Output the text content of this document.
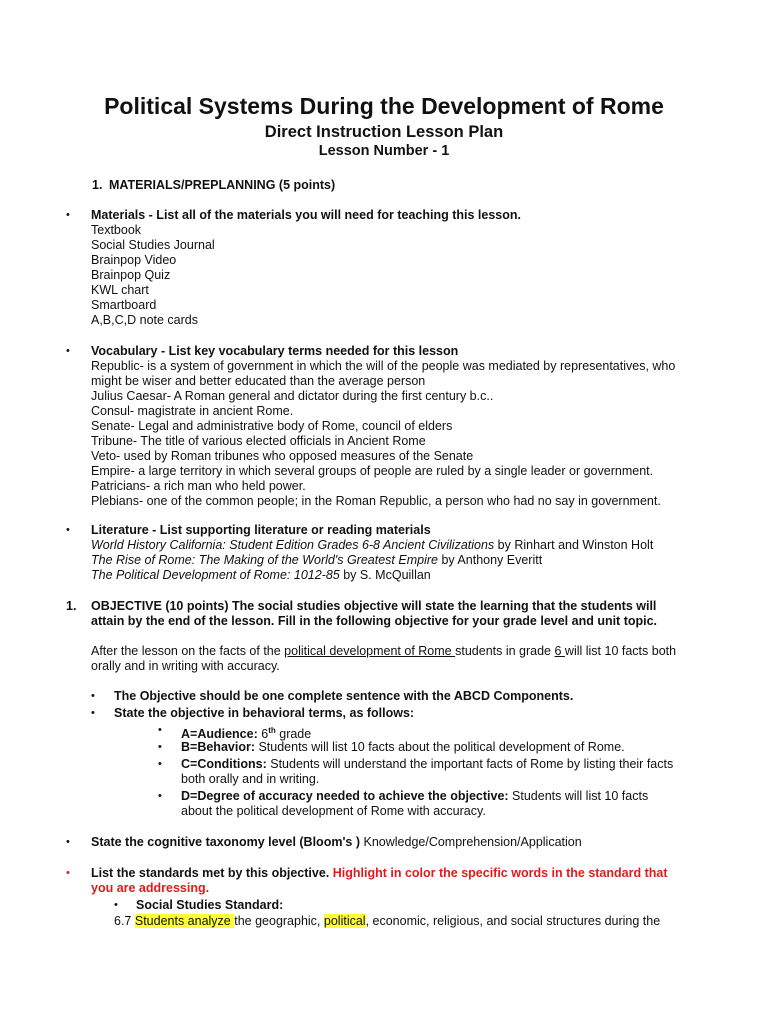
Political Systems During the Development of Rome
Direct Instruction Lesson Plan
Lesson Number - 1
1. MATERIALS/PREPLANNING (5 points)
•
Materials - List all of the materials you will need for teaching this lesson.
Textbook
Social Studies Journal
Brainpop Video
Brainpop Quiz
KWL chart
Smartboard
A,B,C,D note cards
•
Vocabulary - List key vocabulary terms needed for this lesson
Republic- is a system of government in which the will of the people was mediated by representatives, who
might be wiser and better educated than the average person
Julius Caesar- A Roman general and dictator during the first century b.c..
Consul- magistrate in ancient Rome.
Senate- Legal and administrative body of Rome, council of elders
Tribune- The title of various elected officials in Ancient Rome
Veto- used by Roman tribunes who opposed measures of the Senate
Empire- a large territory in which several groups of people are ruled by a single leader or government.
Patricians- a rich man who held power.
Plebians- one of the common people; in the Roman Republic, a person who had no say in government.
•
Literature - List supporting literature or reading materials
World History California: Student Edition Grades 6-8 Ancient Civilizations by Rinhart and Winston Holt
The Rise of Rome: The Making of the World's Greatest Empire by Anthony Everitt
The Political Development of Rome: 1012-85 by S. McQuillan
1. OBJECTIVE (10 points) The social studies objective will state the learning that the students will
attain by the end of the lesson. Fill in the following objective for your grade level and unit topic.
After the lesson on the facts of the political development of Rome students in grade 6 will list 10 facts both
orally and in writing with accuracy.
•
The Objective should be one complete sentence with the ABCD Components.
•
State the objective in behavioral terms, as follows:
•
A=Audience: 6th grade
•
B=Behavior: Students will list 10 facts about the political development of Rome.
•
C=Conditions: Students will understand the important facts of Rome by listing their facts
both orally and in writing.
•
D=Degree of accuracy needed to achieve the objective: Students will list 10 facts
about the political development of Rome with accuracy.
•
State the cognitive taxonomy level (Bloom's ) Knowledge/Comprehension/Application
•
List the standards met by this objective. Highlight in color the specific words in the standard that
you are addressing.
•
Social Studies Standard:
6.7 Students analyze the geographic, political, economic, religious, and social structures during the
